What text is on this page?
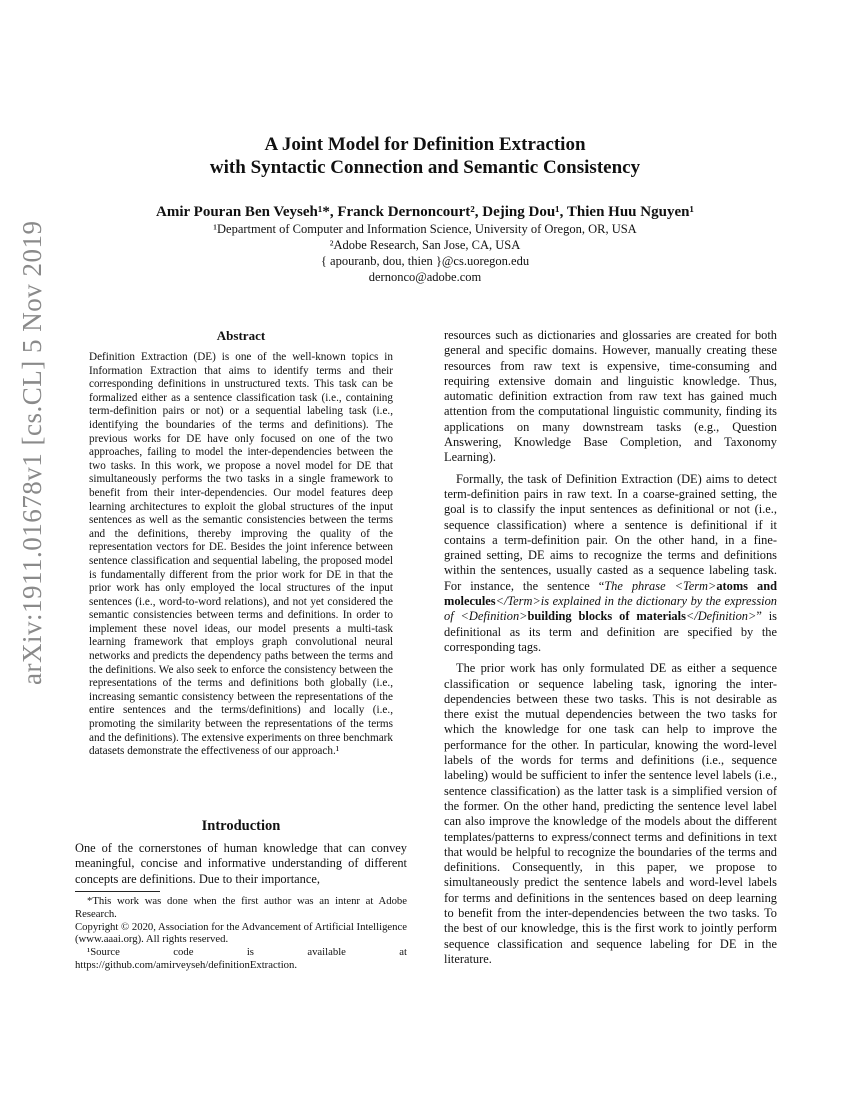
arXiv:1911.01678v1 [cs.CL] 5 Nov 2019
A Joint Model for Definition Extraction
with Syntactic Connection and Semantic Consistency
Amir Pouran Ben Veyseh¹*, Franck Dernoncourt², Dejing Dou¹, Thien Huu Nguyen¹
¹Department of Computer and Information Science, University of Oregon, OR, USA
²Adobe Research, San Jose, CA, USA
{ apouranb, dou, thien }@cs.uoregon.edu
dernonco@adobe.com
Abstract
Definition Extraction (DE) is one of the well-known topics in Information Extraction that aims to identify terms and their corresponding definitions in unstructured texts. This task can be formalized either as a sentence classification task (i.e., containing term-definition pairs or not) or a sequential labeling task (i.e., identifying the boundaries of the terms and definitions). The previous works for DE have only focused on one of the two approaches, failing to model the inter-dependencies between the two tasks. In this work, we propose a novel model for DE that simultaneously performs the two tasks in a single framework to benefit from their inter-dependencies. Our model features deep learning architectures to exploit the global structures of the input sentences as well as the semantic consistencies between the terms and the definitions, thereby improving the quality of the representation vectors for DE. Besides the joint inference between sentence classification and sequential labeling, the proposed model is fundamentally different from the prior work for DE in that the prior work has only employed the local structures of the input sentences (i.e., word-to-word relations), and not yet considered the semantic consistencies between terms and definitions. In order to implement these novel ideas, our model presents a multi-task learning framework that employs graph convolutional neural networks and predicts the dependency paths between the terms and the definitions. We also seek to enforce the consistency between the representations of the terms and definitions both globally (i.e., increasing semantic consistency between the representations of the entire sentences and the terms/definitions) and locally (i.e., promoting the similarity between the representations of the terms and the definitions). The extensive experiments on three benchmark datasets demonstrate the effectiveness of our approach.¹
Introduction
One of the cornerstones of human knowledge that can convey meaningful, concise and informative understanding of different concepts are definitions. Due to their importance,

*This work was done when the first author was an intenr at Adobe Research.

Copyright © 2020, Association for the Advancement of Artificial Intelligence (www.aaai.org). All rights reserved.

¹Source code is available at https://github.com/amirveyseh/definitionExtraction.

resources such as dictionaries and glossaries are created for both general and specific domains. However, manually creating these resources from raw text is expensive, time-consuming and requiring extensive domain and linguistic knowledge. Thus, automatic definition extraction from raw text has gained much attention from the computational linguistic community, finding its applications on many downstream tasks (e.g., Question Answering, Knowledge Base Completion, and Taxonomy Learning).

Formally, the task of Definition Extraction (DE) aims to detect term-definition pairs in raw text. In a coarse-grained setting, the goal is to classify the input sentences as definitional or not (i.e., sequence classification) where a sentence is definitional if it contains a term-definition pair. On the other hand, in a fine-grained setting, DE aims to recognize the terms and definitions within the sentences, usually casted as a sequence labeling task. For instance, the sentence “The phrase <Term>atoms and molecules</Term>is explained in the dictionary by the expression of <Definition>building blocks of materials</Definition>” is definitional as its term and definition are specified by the corresponding tags.

The prior work has only formulated DE as either a sequence classification or sequence labeling task, ignoring the inter-dependencies between these two tasks. This is not desirable as there exist the mutual dependencies between the two tasks for which the knowledge for one task can help to improve the performance for the other. In particular, knowing the word-level labels of the words for terms and definitions (i.e., sequence labeling) would be sufficient to infer the sentence level labels (i.e., sentence classification) as the latter task is a simplified version of the former. On the other hand, predicting the sentence level label can also improve the knowledge of the models about the different templates/patterns to express/connect terms and definitions in text that would be helpful to recognize the boundaries of the terms and definitions. Consequently, in this paper, we propose to simultaneously predict the sentence labels and word-level labels for terms and definitions in the sentences based on deep learning to benefit from the inter-dependencies between the two tasks. To the best of our knowledge, this is the first work to jointly perform sequence classification and sequence labeling for DE in the literature.
